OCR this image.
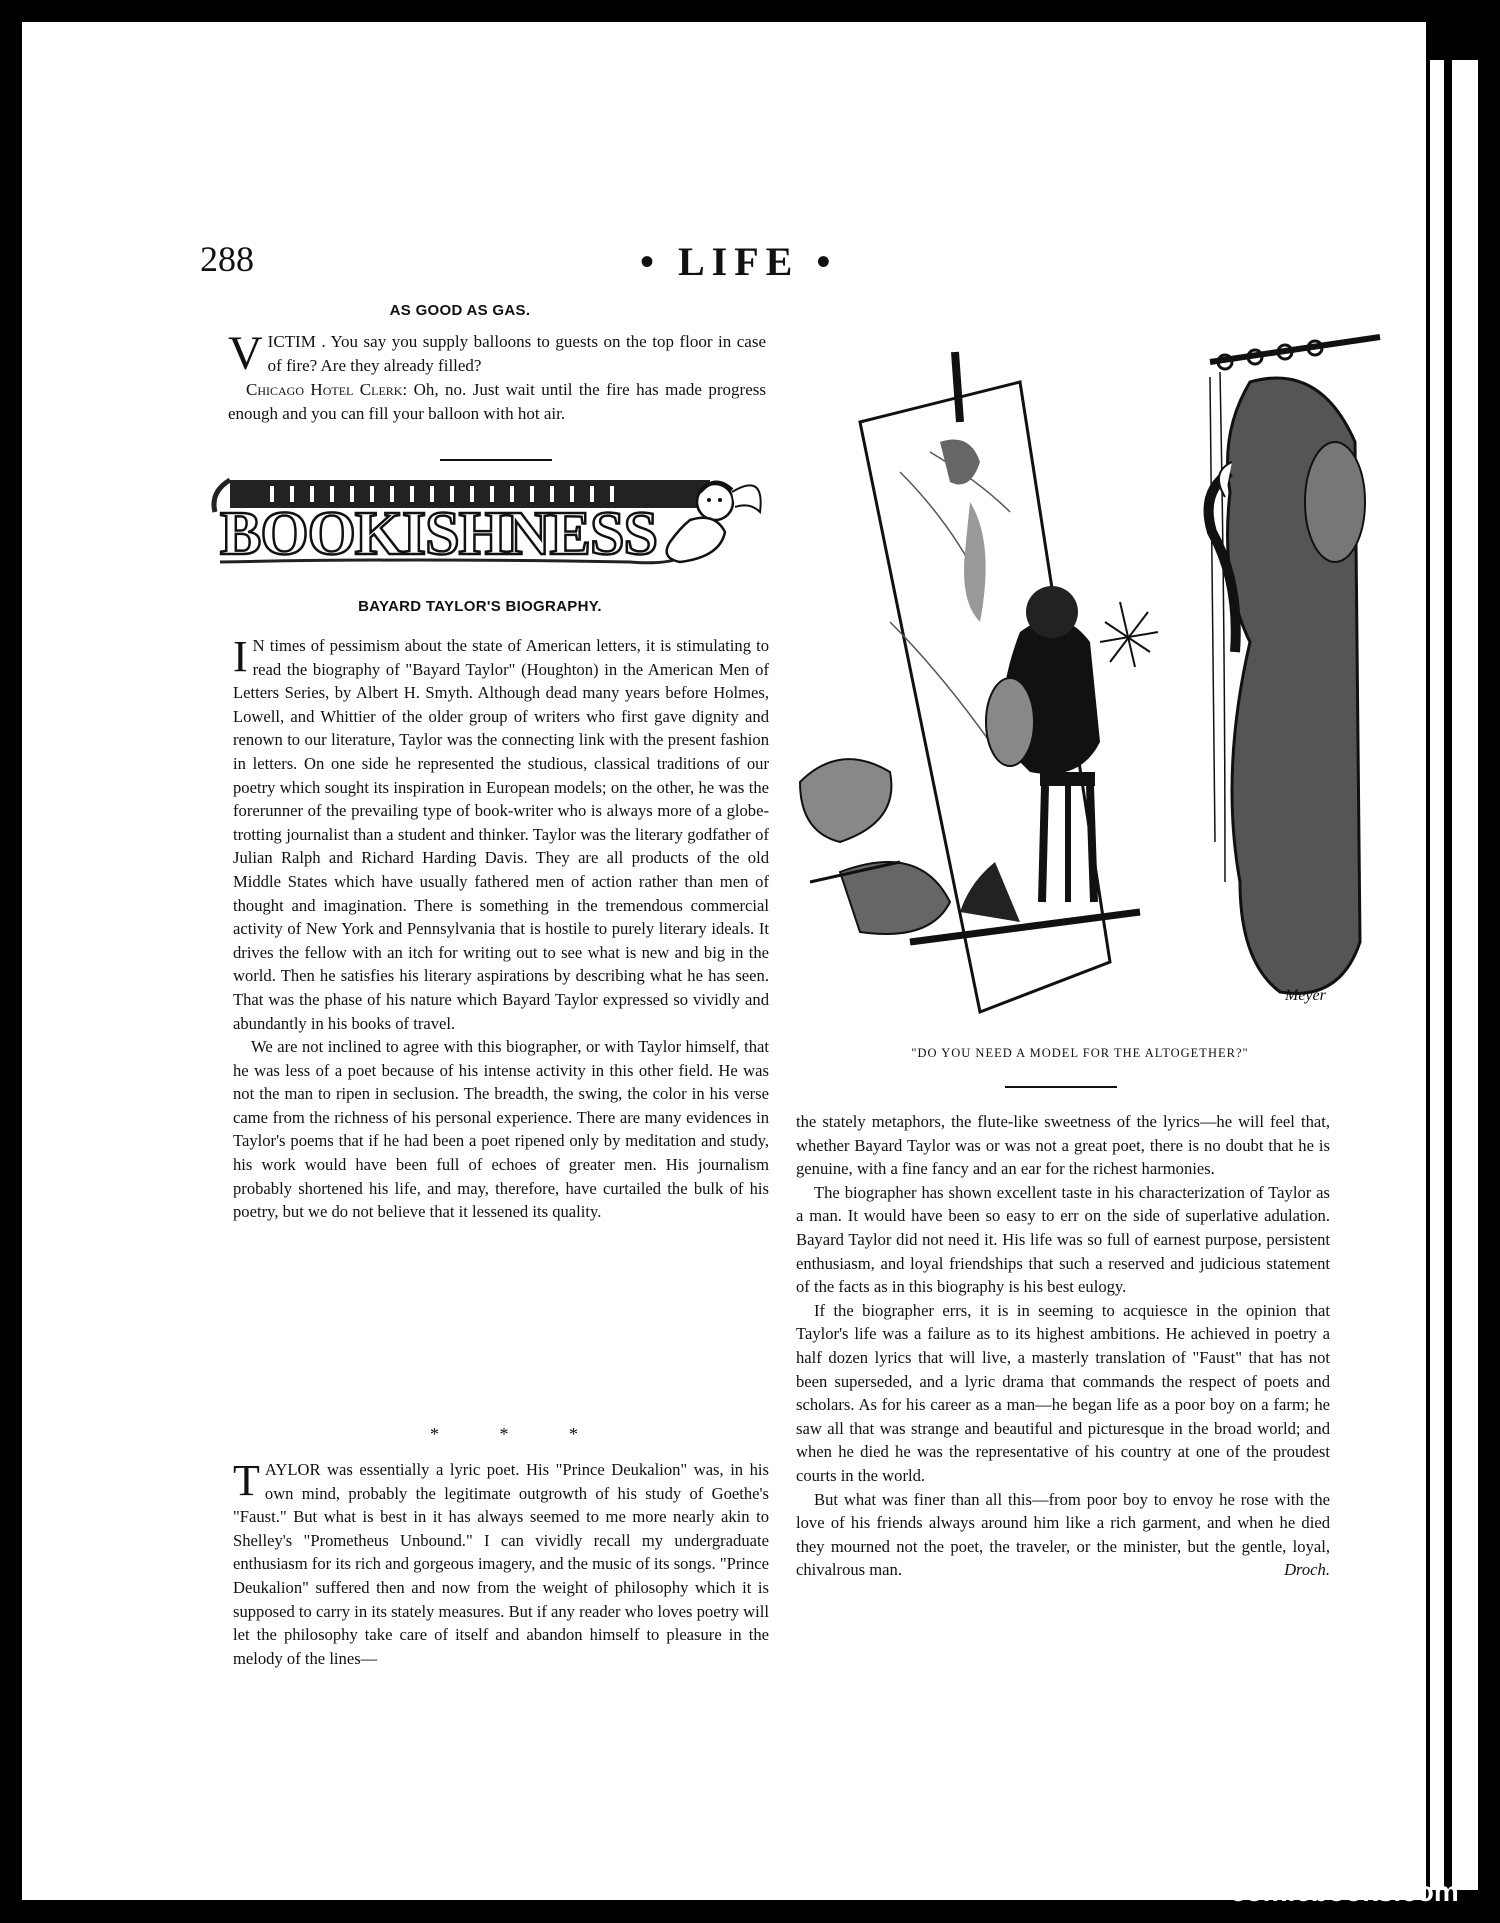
288	• LIFE •
AS GOOD AS GAS.

VICTIM . You say you supply balloons to guests on the top floor in case of fire? Are they already filled?

Chicago Hotel Clerk: Oh, no. Just wait until the fire has made progress enough and you can fill your balloon with hot air.

BOOKISHNESS
BAYARD TAYLOR'S BIOGRAPHY.

I N times of pessimism about the state of American letters, it is stimulating to read the biography of "Bayard Taylor" (Houghton) in the American Men of Letters Series, by Albert H. Smyth. Although dead many years before Holmes, Lowell, and Whittier of the older group of writers who first gave dignity and renown to our literature, Taylor was the connecting link with the present fashion in letters. On one side he represented the studious, classical traditions of our poetry which sought its inspiration in European models; on the other, he was the forerunner of the prevailing type of book-writer who is always more of a globe-trotting journalist than a student and thinker. Taylor was the literary godfather of Julian Ralph and Richard Harding Davis. They are all products of the old Middle States which have usually fathered men of action rather than men of thought and imagination. There is something in the tremendous commercial activity of New York and Pennsylvania that is hostile to purely literary ideals. It drives the fellow with an itch for writing out to see what is new and big in the world. Then he satisfies his literary aspirations by describing what he has seen. That was the phase of his nature which Bayard Taylor expressed so vividly and abundantly in his books of travel.

We are not inclined to agree with this biographer, or with Taylor himself, that he was less of a poet because of his intense activity in this other field. He was not the man to ripen in seclusion. The breadth, the swing, the color in his verse came from the richness of his personal experience. There are many evidences in Taylor's poems that if he had been a poet ripened only by meditation and study, his work would have been full of echoes of greater men. His journalism probably shortened his life, and may, therefore, have curtailed the bulk of his poetry, but we do not believe that it lessened its quality.

* * *

TAYLOR was essentially a lyric poet. His "Prince Deukalion" was, in his own mind, probably the legitimate outgrowth of his study of Goethe's "Faust." But what is best in it has always seemed to me more nearly akin to Shelley's "Prometheus Unbound." I can vividly recall my undergraduate enthusiasm for its rich and gorgeous imagery, and the music of its songs. "Prince Deukalion" suffered then and now from the weight of philosophy which it is supposed to carry in its stately measures. But if any reader who loves poetry will let the philosophy take care of itself and abandon himself to pleasure in the melody of the lines—

Meyer
"DO YOU NEED A MODEL FOR THE ALTOGETHER?"

the stately metaphors, the flute-like sweetness of the lyrics—he will feel that, whether Bayard Taylor was or was not a great poet, there is no doubt that he is genuine, with a fine fancy and an ear for the richest harmonies.

The biographer has shown excellent taste in his characterization of Taylor as a man. It would have been so easy to err on the side of superlative adulation. Bayard Taylor did not need it. His life was so full of earnest purpose, persistent enthusiasm, and loyal friendships that such a reserved and judicious statement of the facts as in this biography is his best eulogy.

If the biographer errs, it is in seeming to acquiesce in the opinion that Taylor's life was a failure as to its highest ambitions. He achieved in poetry a half dozen lyrics that will live, a masterly translation of "Faust" that has not been superseded, and a lyric drama that commands the respect of poets and scholars. As for his career as a man—he began life as a poor boy on a farm; he saw all that was strange and beautiful and picturesque in the broad world; and when he died he was the representative of his country at one of the proudest courts in the world.

But what was finer than all this—from poor boy to envoy he rose with the love of his friends always around him like a rich garment, and when he died they mourned not the poet, the traveler, or the minister, but the gentle, loyal, chivalrous man.	Droch.

comicbooks.com
